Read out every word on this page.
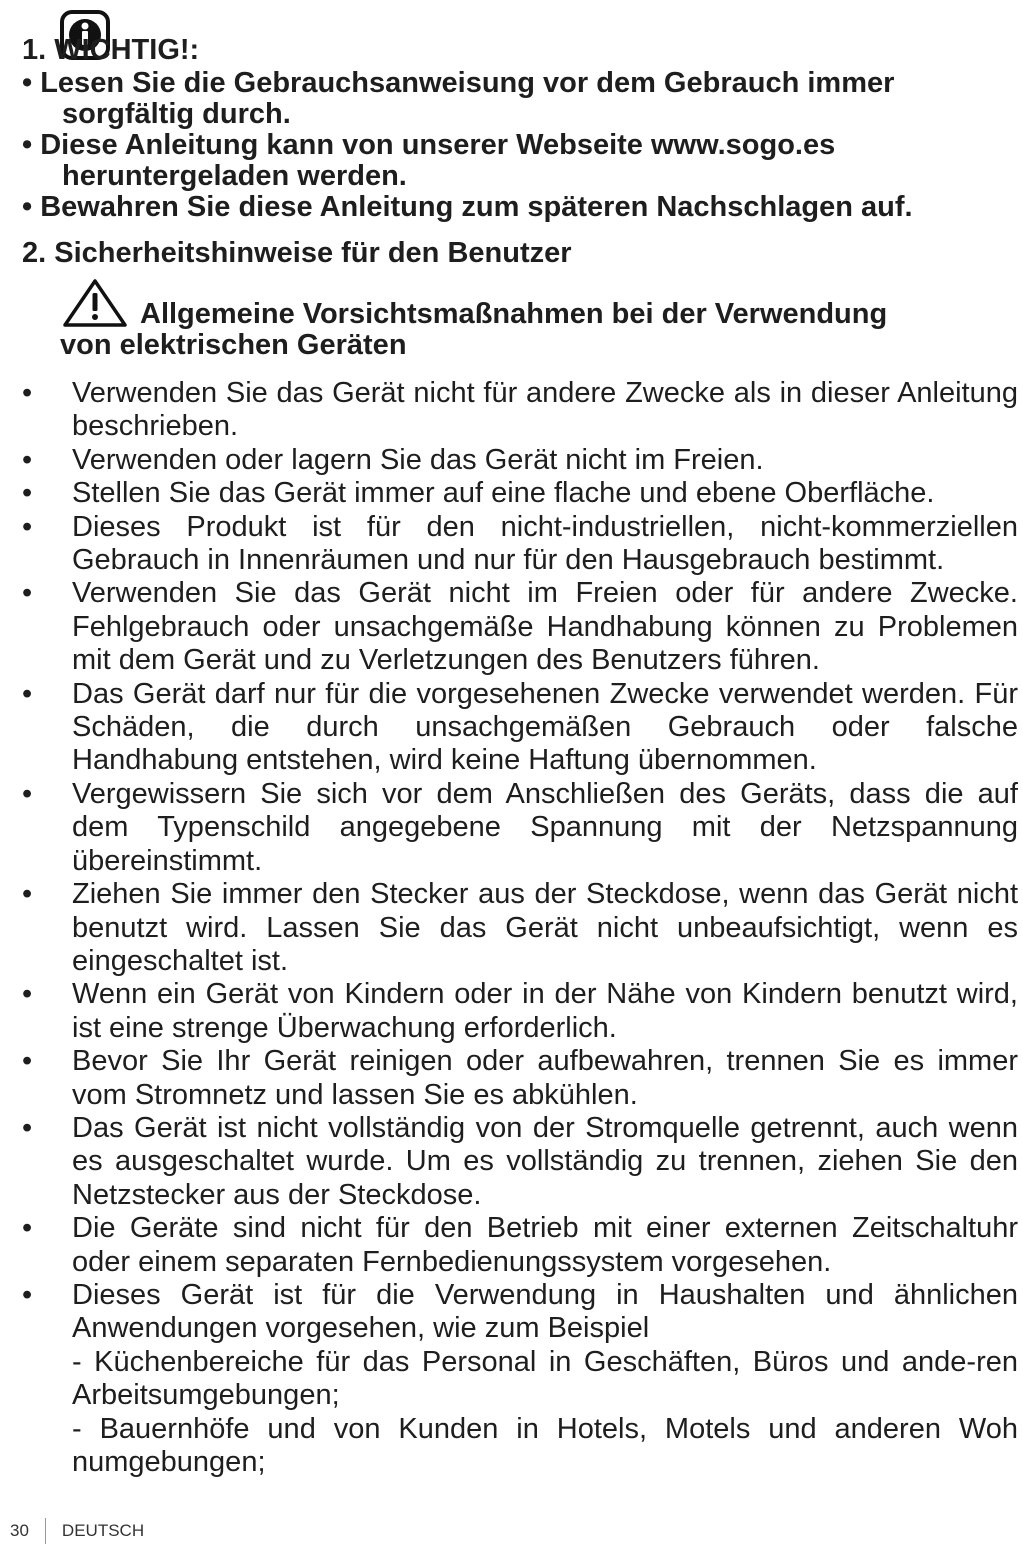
1. WICHTIG!:

• Lesen Sie die Gebrauchsanweisung vor dem Gebrauch immer sorgfältig durch.

• Diese Anleitung kann von unserer Webseite www.sogo.es heruntergeladen werden.

• Bewahren Sie diese Anleitung zum späteren Nachschlagen auf.

2. Sicherheitshinweise für den Benutzer
Allgemeine Vorsichtsmaßnahmen bei der Verwendung
von elektrischen Geräten
• Verwenden Sie das Gerät nicht für andere Zwecke als in dieser Anleitung beschrieben.
• Verwenden oder lagern Sie das Gerät nicht im Freien.
• Stellen Sie das Gerät immer auf eine flache und ebene Oberfläche.
• Dieses Produkt ist für den nicht-industriellen, nicht-kommerziellen Gebrauch in Innenräumen und nur für den Hausgebrauch bestimmt.
• Verwenden Sie das Gerät nicht im Freien oder für andere Zwecke. Fehlgebrauch oder unsachgemäße Handhabung können zu Problemen mit dem Gerät und zu Verletzungen des Benutzers führen.
• Das Gerät darf nur für die vorgesehenen Zwecke verwendet werden. Für Schäden, die durch unsachgemäßen Gebrauch oder falsche Handhabung entstehen, wird keine Haftung übernommen.
• Vergewissern Sie sich vor dem Anschließen des Geräts, dass die auf dem Typenschild angegebene Spannung mit der Netzspannung übereinstimmt.
• Ziehen Sie immer den Stecker aus der Steckdose, wenn das Gerät nicht benutzt wird. Lassen Sie das Gerät nicht unbeaufsichtigt, wenn es eingeschaltet ist.
• Wenn ein Gerät von Kindern oder in der Nähe von Kindern benutzt wird, ist eine strenge Überwachung erforderlich.
• Bevor Sie Ihr Gerät reinigen oder aufbewahren, trennen Sie es immer vom Stromnetz und lassen Sie es abkühlen.
• Das Gerät ist nicht vollständig von der Stromquelle getrennt, auch wenn es ausgeschaltet wurde. Um es vollständig zu trennen, ziehen Sie den Netzstecker aus der Steckdose.
• Die Geräte sind nicht für den Betrieb mit einer externen Zeitschaltuhr oder einem separaten Fernbedienungssystem vorgesehen.
• Dieses Gerät ist für die Verwendung in Haushalten und ähnlichen Anwendungen vorgesehen, wie zum Beispiel
- Küchenbereiche für das Personal in Geschäften, Büros und ande-ren Arbeitsumgebungen;
- Bauernhöfe und von Kunden in Hotels, Motels und anderen Woh numgebungen;
30 DEUTSCH
